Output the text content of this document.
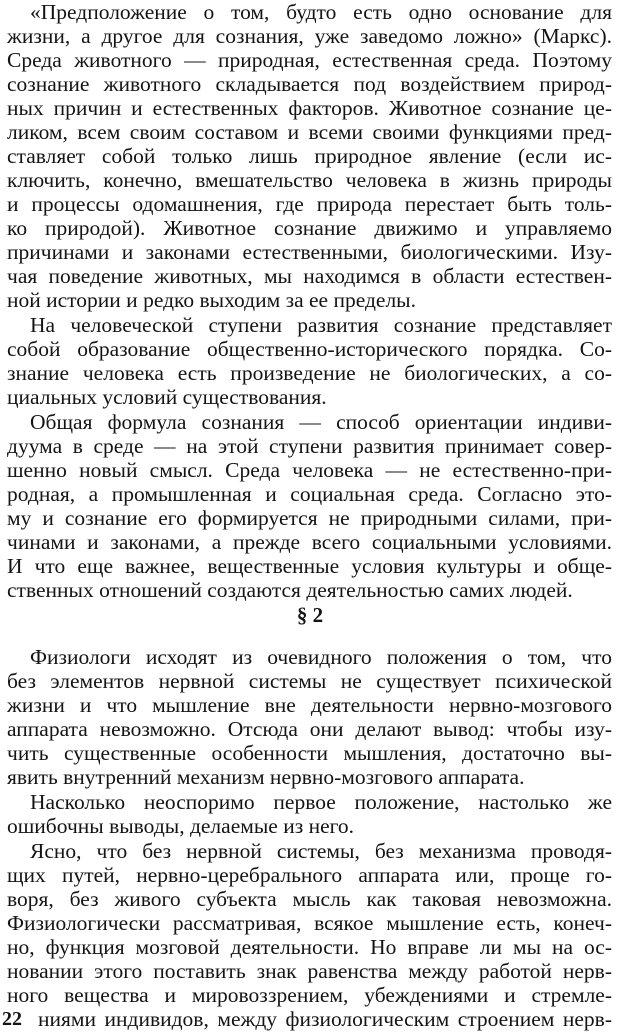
«Предположение о том, будто есть одно основание для

жизни, а другое для сознания, уже заведомо ложно» (Маркс).

Среда животного — природная, естественная среда. Поэтому

сознание животного складывается под воздействием природ-

ных причин и естественных факторов. Животное сознание це-

ликом, всем своим составом и всеми своими функциями пред-

ставляет собой только лишь природное явление (если ис-

ключить, конечно, вмешательство человека в жизнь природы

и процессы одомашнения, где природа перестает быть толь-

ко природой). Животное сознание движимо и управляемо

причинами и законами естественными, биологическими. Изу-

чая поведение животных, мы находимся в области естествен-

ной истории и редко выходим за ее пределы.

На человеческой ступени развития сознание представляет

собой образование общественно-исторического порядка. Со-

знание человека есть произведение не биологических, а со-

циальных условий существования.

Общая формула сознания — способ ориентации индиви-

дуума в среде — на этой ступени развития принимает совер-

шенно новый смысл. Среда человека — не естественно-при-

родная, а промышленная и социальная среда. Согласно это-

му и сознание его формируется не природными силами, при-

чинами и законами, а прежде всего социальными условиями.

И что еще важнее, вещественные условия культуры и обще-

ственных отношений создаются деятельностью самих людей.

§ 2

Физиологи исходят из очевидного положения о том, что

без элементов нервной системы не существует психической

жизни и что мышление вне деятельности нервно-мозгового

аппарата невозможно. Отсюда они делают вывод: чтобы изу-

чить существенные особенности мышления, достаточно вы-

явить внутренний механизм нервно-мозгового аппарата.

Насколько неоспоримо первое положение, настолько же

ошибочны выводы, делаемые из него.

Ясно, что без нервной системы, без механизма проводя-

щих путей, нервно-церебрального аппарата или, проще го-

воря, без живого субъекта мысль как таковая невозможна.

Физиологически рассматривая, всякое мышление есть, конеч-

но, функция мозговой деятельности. Но вправе ли мы на ос-

новании этого поставить знак равенства между работой нерв-

ного вещества и мировоззрением, убеждениями и стремле-

ниями индивидов, между физиологическим строением нерв-

22
